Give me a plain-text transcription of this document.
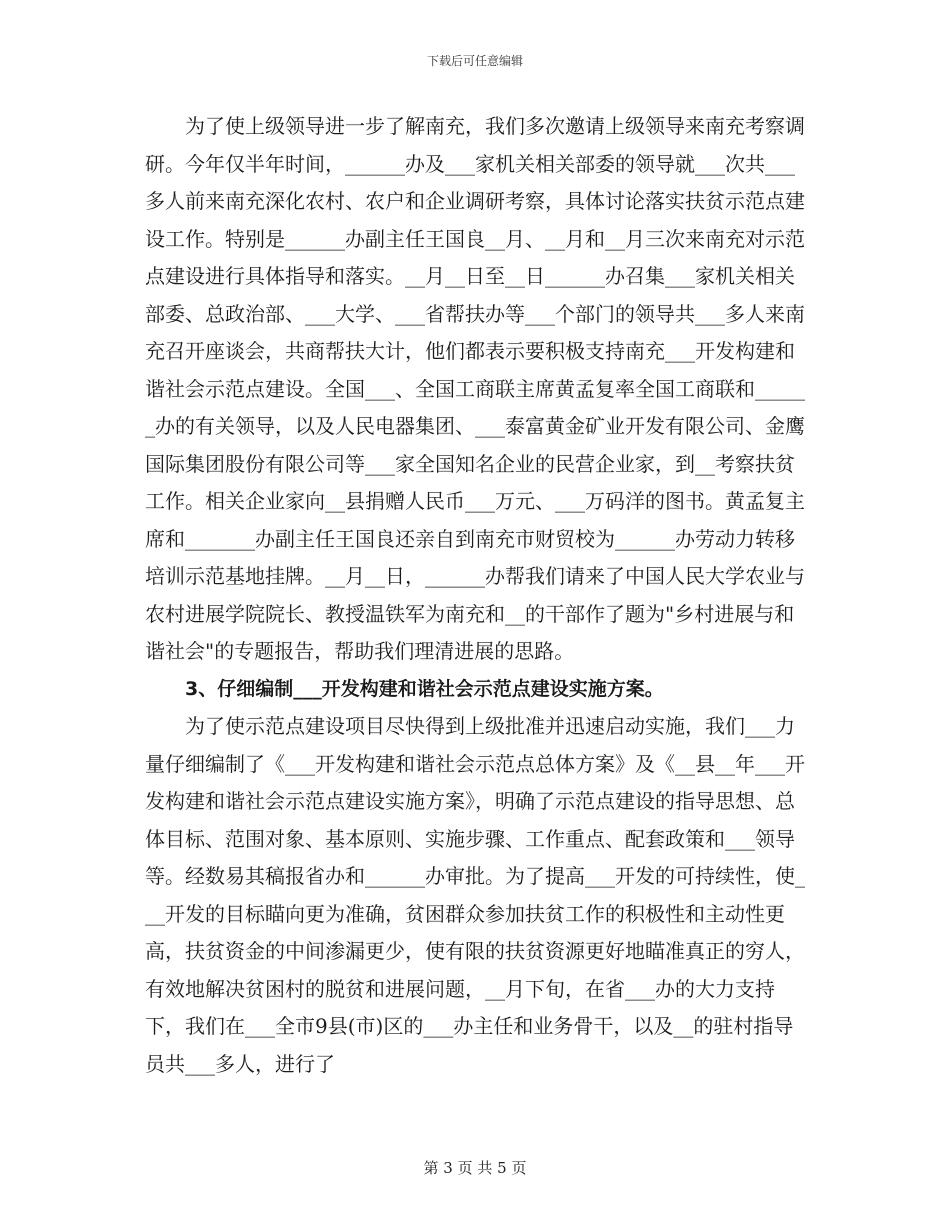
下载后可任意编辑

为了使上级领导进一步了解南充，我们多次邀请上级领导来南充考察调研。今年仅半年时间，______办及___家机关相关部委的领导就___次共___多人前来南充深化农村、农户和企业调研考察，具体讨论落实扶贫示范点建设工作。特别是______办副主任王国良__月、__月和__月三次来南充对示范点建设进行具体指导和落实。__月__日至__日______办召集___家机关相关部委、总政治部、___大学、___省帮扶办等___个部门的领导共___多人来南充召开座谈会，共商帮扶大计，他们都表示要积极支持南充___开发构建和谐社会示范点建设。全国___、全国工商联主席黄孟复率全国工商联和______办的有关领导，以及人民电器集团、___泰富黄金矿业开发有限公司、金鹰国际集团股份有限公司等___家全国知名企业的民营企业家，到__考察扶贫工作。相关企业家向__县捐赠人民币___万元、___万码洋的图书。黄孟复主席和_______办副主任王国良还亲自到南充市财贸校为______办劳动力转移培训示范基地挂牌。__月__日，______办帮我们请来了中国人民大学农业与农村进展学院院长、教授温铁军为南充和__的干部作了题为"乡村进展与和谐社会"的专题报告，帮助我们理清进展的思路。

3、仔细编制___开发构建和谐社会示范点建设实施方案。

为了使示范点建设项目尽快得到上级批准并迅速启动实施，我们___力量仔细编制了《___开发构建和谐社会示范点总体方案》及《__县__年___开发构建和谐社会示范点建设实施方案》，明确了示范点建设的指导思想、总体目标、范围对象、基本原则、实施步骤、工作重点、配套政策和___领导等。经数易其稿报省办和______办审批。为了提高___开发的可持续性，使___开发的目标瞄向更为准确，贫困群众参加扶贫工作的积极性和主动性更高，扶贫资金的中间渗漏更少，使有限的扶贫资源更好地瞄准真正的穷人，有效地解决贫困村的脱贫和进展问题，__月下旬，在省___办的大力支持下，我们在___全市9县(市)区的___办主任和业务骨干，以及__的驻村指导员共___多人，进行了

第 3 页 共 5 页
